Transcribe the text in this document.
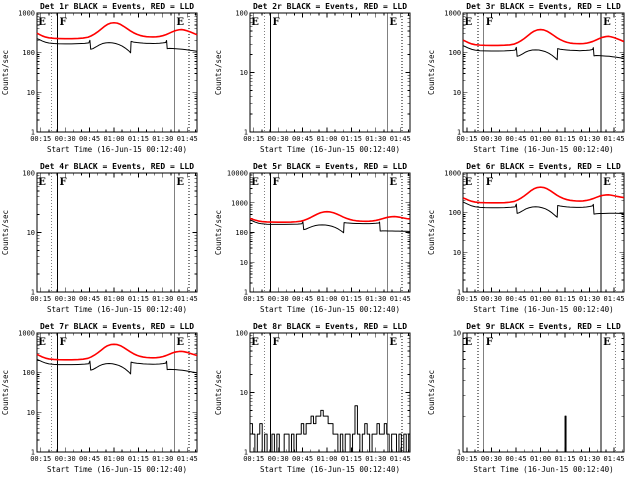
00:15 00:30 00:45 01:00 01:15 01:30 01:45
1
10
100
1000
E F	E
Det 1r BLACK = Events, RED = LLD
Start Time (16-Jun-15 00:12:40)
Counts/sec
00:15 00:30 00:45 01:00 01:15 01:30 01:45
1
10
100
E F	E
Det 2r BLACK = Events, RED = LLD
Start Time (16-Jun-15 00:12:40)
Counts/sec
00:15 00:30 00:45 01:00 01:15 01:30 01:45
1
10
100
1000
E F	E
Det 3r BLACK = Events, RED = LLD
Start Time (16-Jun-15 00:12:40)
Counts/sec
00:15 00:30 00:45 01:00 01:15 01:30 01:45
1
10
100
E F	E
Det 4r BLACK = Events, RED = LLD
Start Time (16-Jun-15 00:12:40)
Counts/sec
00:15 00:30 00:45 01:00 01:15 01:30 01:45
1
10
100
1000
10000
E F	E
Det 5r BLACK = Events, RED = LLD
Start Time (16-Jun-15 00:12:40)
Counts/sec
00:15 00:30 00:45 01:00 01:15 01:30 01:45
1
10
100
1000
E F	E
Det 6r BLACK = Events, RED = LLD
Start Time (16-Jun-15 00:12:40)
Counts/sec
00:15 00:30 00:45 01:00 01:15 01:30 01:45
1
10
100
1000
E F	E
Det 7r BLACK = Events, RED = LLD
Start Time (16-Jun-15 00:12:40)
Counts/sec
00:15 00:30 00:45 01:00 01:15 01:30 01:45
1
10
100
E F	E
Det 8r BLACK = Events, RED = LLD
Start Time (16-Jun-15 00:12:40)
Counts/sec
00:15 00:30 00:45 01:00 01:15 01:30 01:45
1
10
E F	E
Det 9r BLACK = Events, RED = LLD
Start Time (16-Jun-15 00:12:40)
Counts/sec
